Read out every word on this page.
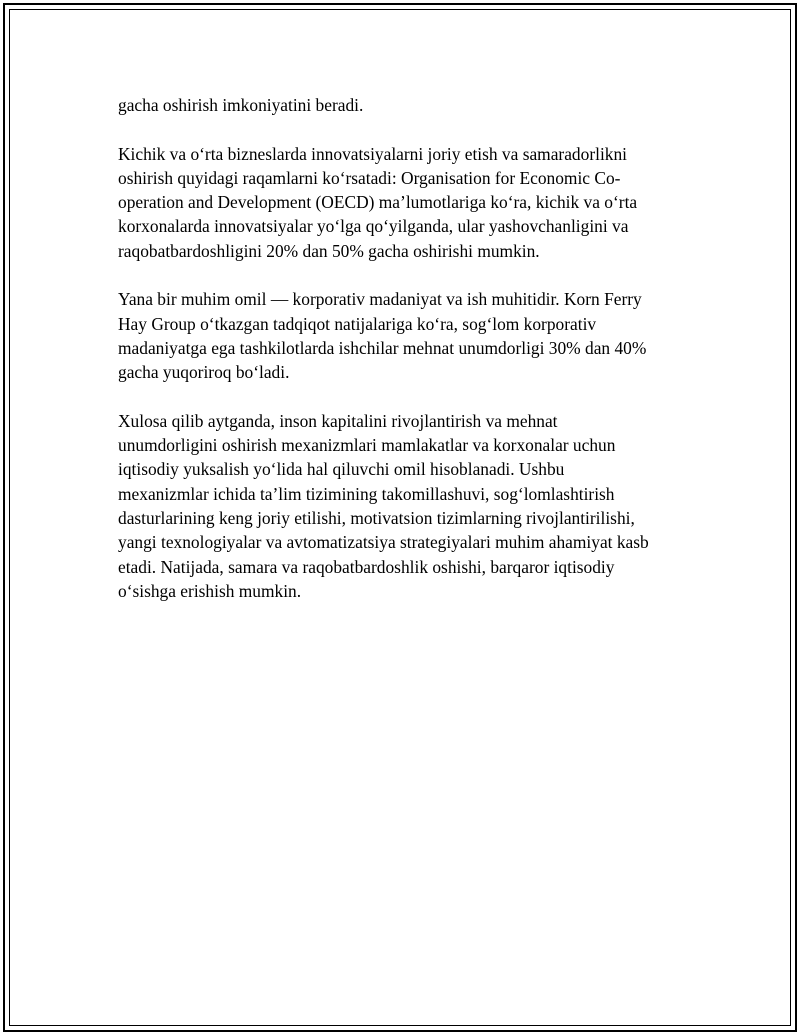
gacha oshirish imkoniyatini beradi.

Kichik va o‘rta bizneslarda innovatsiyalarni joriy etish va samaradorlikni
oshirish quyidagi raqamlarni ko‘rsatadi: Organisation for Economic Co-
operation and Development (OECD) ma’lumotlariga ko‘ra, kichik va o‘rta
korxonalarda innovatsiyalar yo‘lga qo‘yilganda, ular yashovchanligini va
raqobatbardoshligini 20% dan 50% gacha oshirishi mumkin.

Yana bir muhim omil — korporativ madaniyat va ish muhitidir. Korn Ferry
Hay Group o‘tkazgan tadqiqot natijalariga ko‘ra, sog‘lom korporativ
madaniyatga ega tashkilotlarda ishchilar mehnat unumdorligi 30% dan 40%
gacha yuqoriroq bo‘ladi.

Xulosa qilib aytganda, inson kapitalini rivojlantirish va mehnat
unumdorligini oshirish mexanizmlari mamlakatlar va korxonalar uchun
iqtisodiy yuksalish yo‘lida hal qiluvchi omil hisoblanadi. Ushbu
mexanizmlar ichida ta’lim tizimining takomillashuvi, sog‘lomlashtirish
dasturlarining keng joriy etilishi, motivatsion tizimlarning rivojlantirilishi,
yangi texnologiyalar va avtomatizatsiya strategiyalari muhim ahamiyat kasb
etadi. Natijada, samara va raqobatbardoshlik oshishi, barqaror iqtisodiy
o‘sishga erishish mumkin.
